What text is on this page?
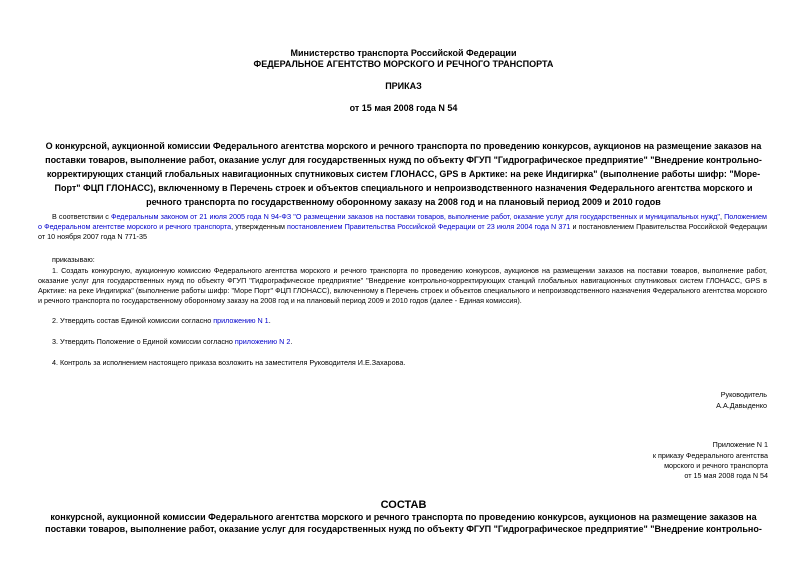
Министерство транспорта Российской Федерации

ФЕДЕРАЛЬНОЕ АГЕНТСТВО МОРСКОГО И РЕЧНОГО ТРАНСПОРТА

ПРИКАЗ

от 15 мая 2008 года N 54

О конкурсной, аукционной комиссии Федерального агентства морского и речного транспорта по проведению конкурсов, аукционов на размещение заказов на поставки товаров, выполнение работ, оказание услуг для государственных нужд по объекту ФГУП "Гидрографическое предприятие" "Внедрение контрольно-корректирующих станций глобальных навигационных спутниковых систем ГЛОНАСС, GPS в Арктике: на реке Индигирка" (выполнение работы шифр: "Море-Порт" ФЦП ГЛОНАСС), включенному в Перечень строек и объектов специального и непроизводственного назначения Федерального агентства морского и речного транспорта по государственному оборонному заказу на 2008 год и на плановый период 2009 и 2010 годов

В соответствии с Федеральным законом от 21 июля 2005 года N 94-ФЗ "О размещении заказов на поставки товаров, выполнение работ, оказание услуг для государственных и муниципальных нужд", Положением о Федеральном агентстве морского и речного транспорта, утвержденным постановлением Правительства Российской Федерации от 23 июля 2004 года N 371 и постановлением Правительства Российской Федерации от 10 ноября 2007 года N 771-35

приказываю:

1. Создать конкурсную, аукционную комиссию Федерального агентства морского и речного транспорта по проведению конкурсов, аукционов на размещении заказов на поставки товаров, выполнение работ, оказание услуг для государственных нужд по объекту ФГУП "Гидрографическое предприятие" "Внедрение контрольно-корректирующих станций глобальных навигационных спутниковых систем ГЛОНАСС, GPS в Арктике: на реке Индигирка" (выполнение работы шифр: "Море Порт" ФЦП ГЛОНАСС), включенному в Перечень строек и объектов специального и непроизводственного назначения Федерального агентства морского и речного транспорта по государственному оборонному заказу на 2008 год и на плановый период 2009 и 2010 годов (далее - Единая комиссия).

2. Утвердить состав Единой комиссии согласно приложению N 1.

3. Утвердить Положение о Единой комиссии согласно приложению N 2.

4. Контроль за исполнением настоящего приказа возложить на заместителя Руководителя И.Е.Захарова.

Руководитель

А.А.Давыденко

Приложение N 1

к приказу Федерального агентства

морского и речного транспорта

от 15 мая 2008 года N 54

СОСТАВ

конкурсной, аукционной комиссии Федерального агентства морского и речного транспорта по проведению конкурсов, аукционов на размещение заказов на поставки товаров, выполнение работ, оказание услуг для государственных нужд по объекту ФГУП "Гидрографическое предприятие" "Внедрение контрольно-
